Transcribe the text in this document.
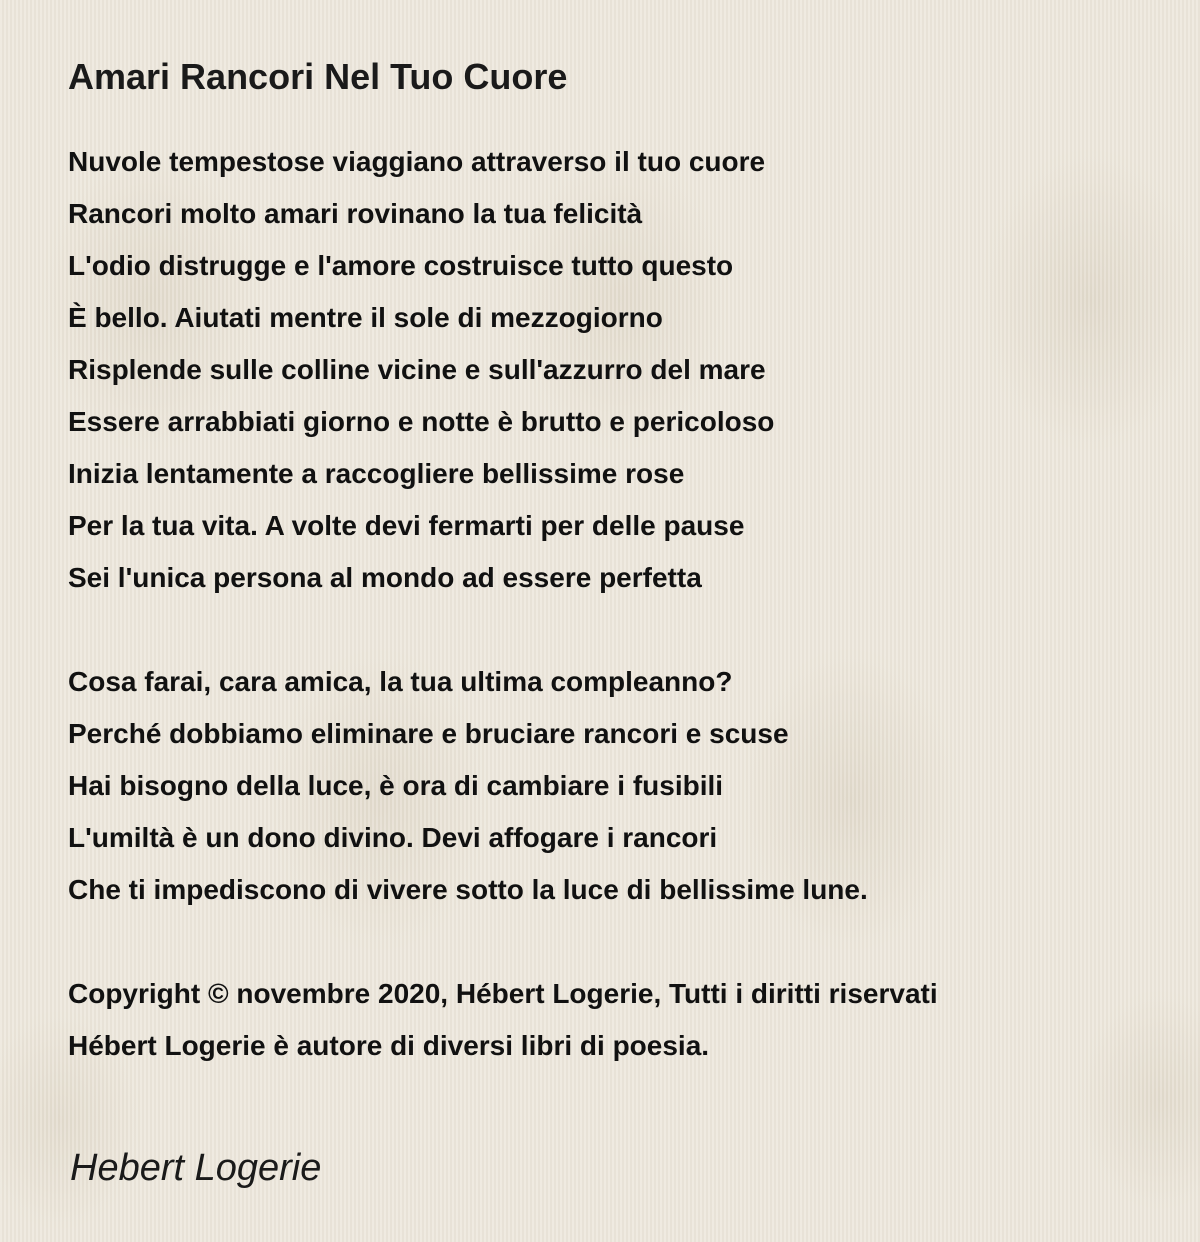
Amari Rancori Nel Tuo Cuore
Nuvole tempestose viaggiano attraverso il tuo cuore
Rancori molto amari rovinano la tua felicità
L'odio distrugge e l'amore costruisce tutto questo
È bello. Aiutati mentre il sole di mezzogiorno
Risplende sulle colline vicine e sull'azzurro del mare
Essere arrabbiati giorno e notte è brutto e pericoloso
Inizia lentamente a raccogliere bellissime rose
Per la tua vita. A volte devi fermarti per delle pause
Sei l'unica persona al mondo ad essere perfetta
Cosa farai, cara amica, la tua ultima compleanno?
Perché dobbiamo eliminare e bruciare rancori e scuse
Hai bisogno della luce, è ora di cambiare i fusibili
L'umiltà è un dono divino. Devi affogare i rancori
Che ti impediscono di vivere sotto la luce di bellissime lune.
Copyright © novembre 2020, Hébert Logerie, Tutti i diritti riservati
Hébert Logerie è autore di diversi libri di poesia.
Hebert Logerie
